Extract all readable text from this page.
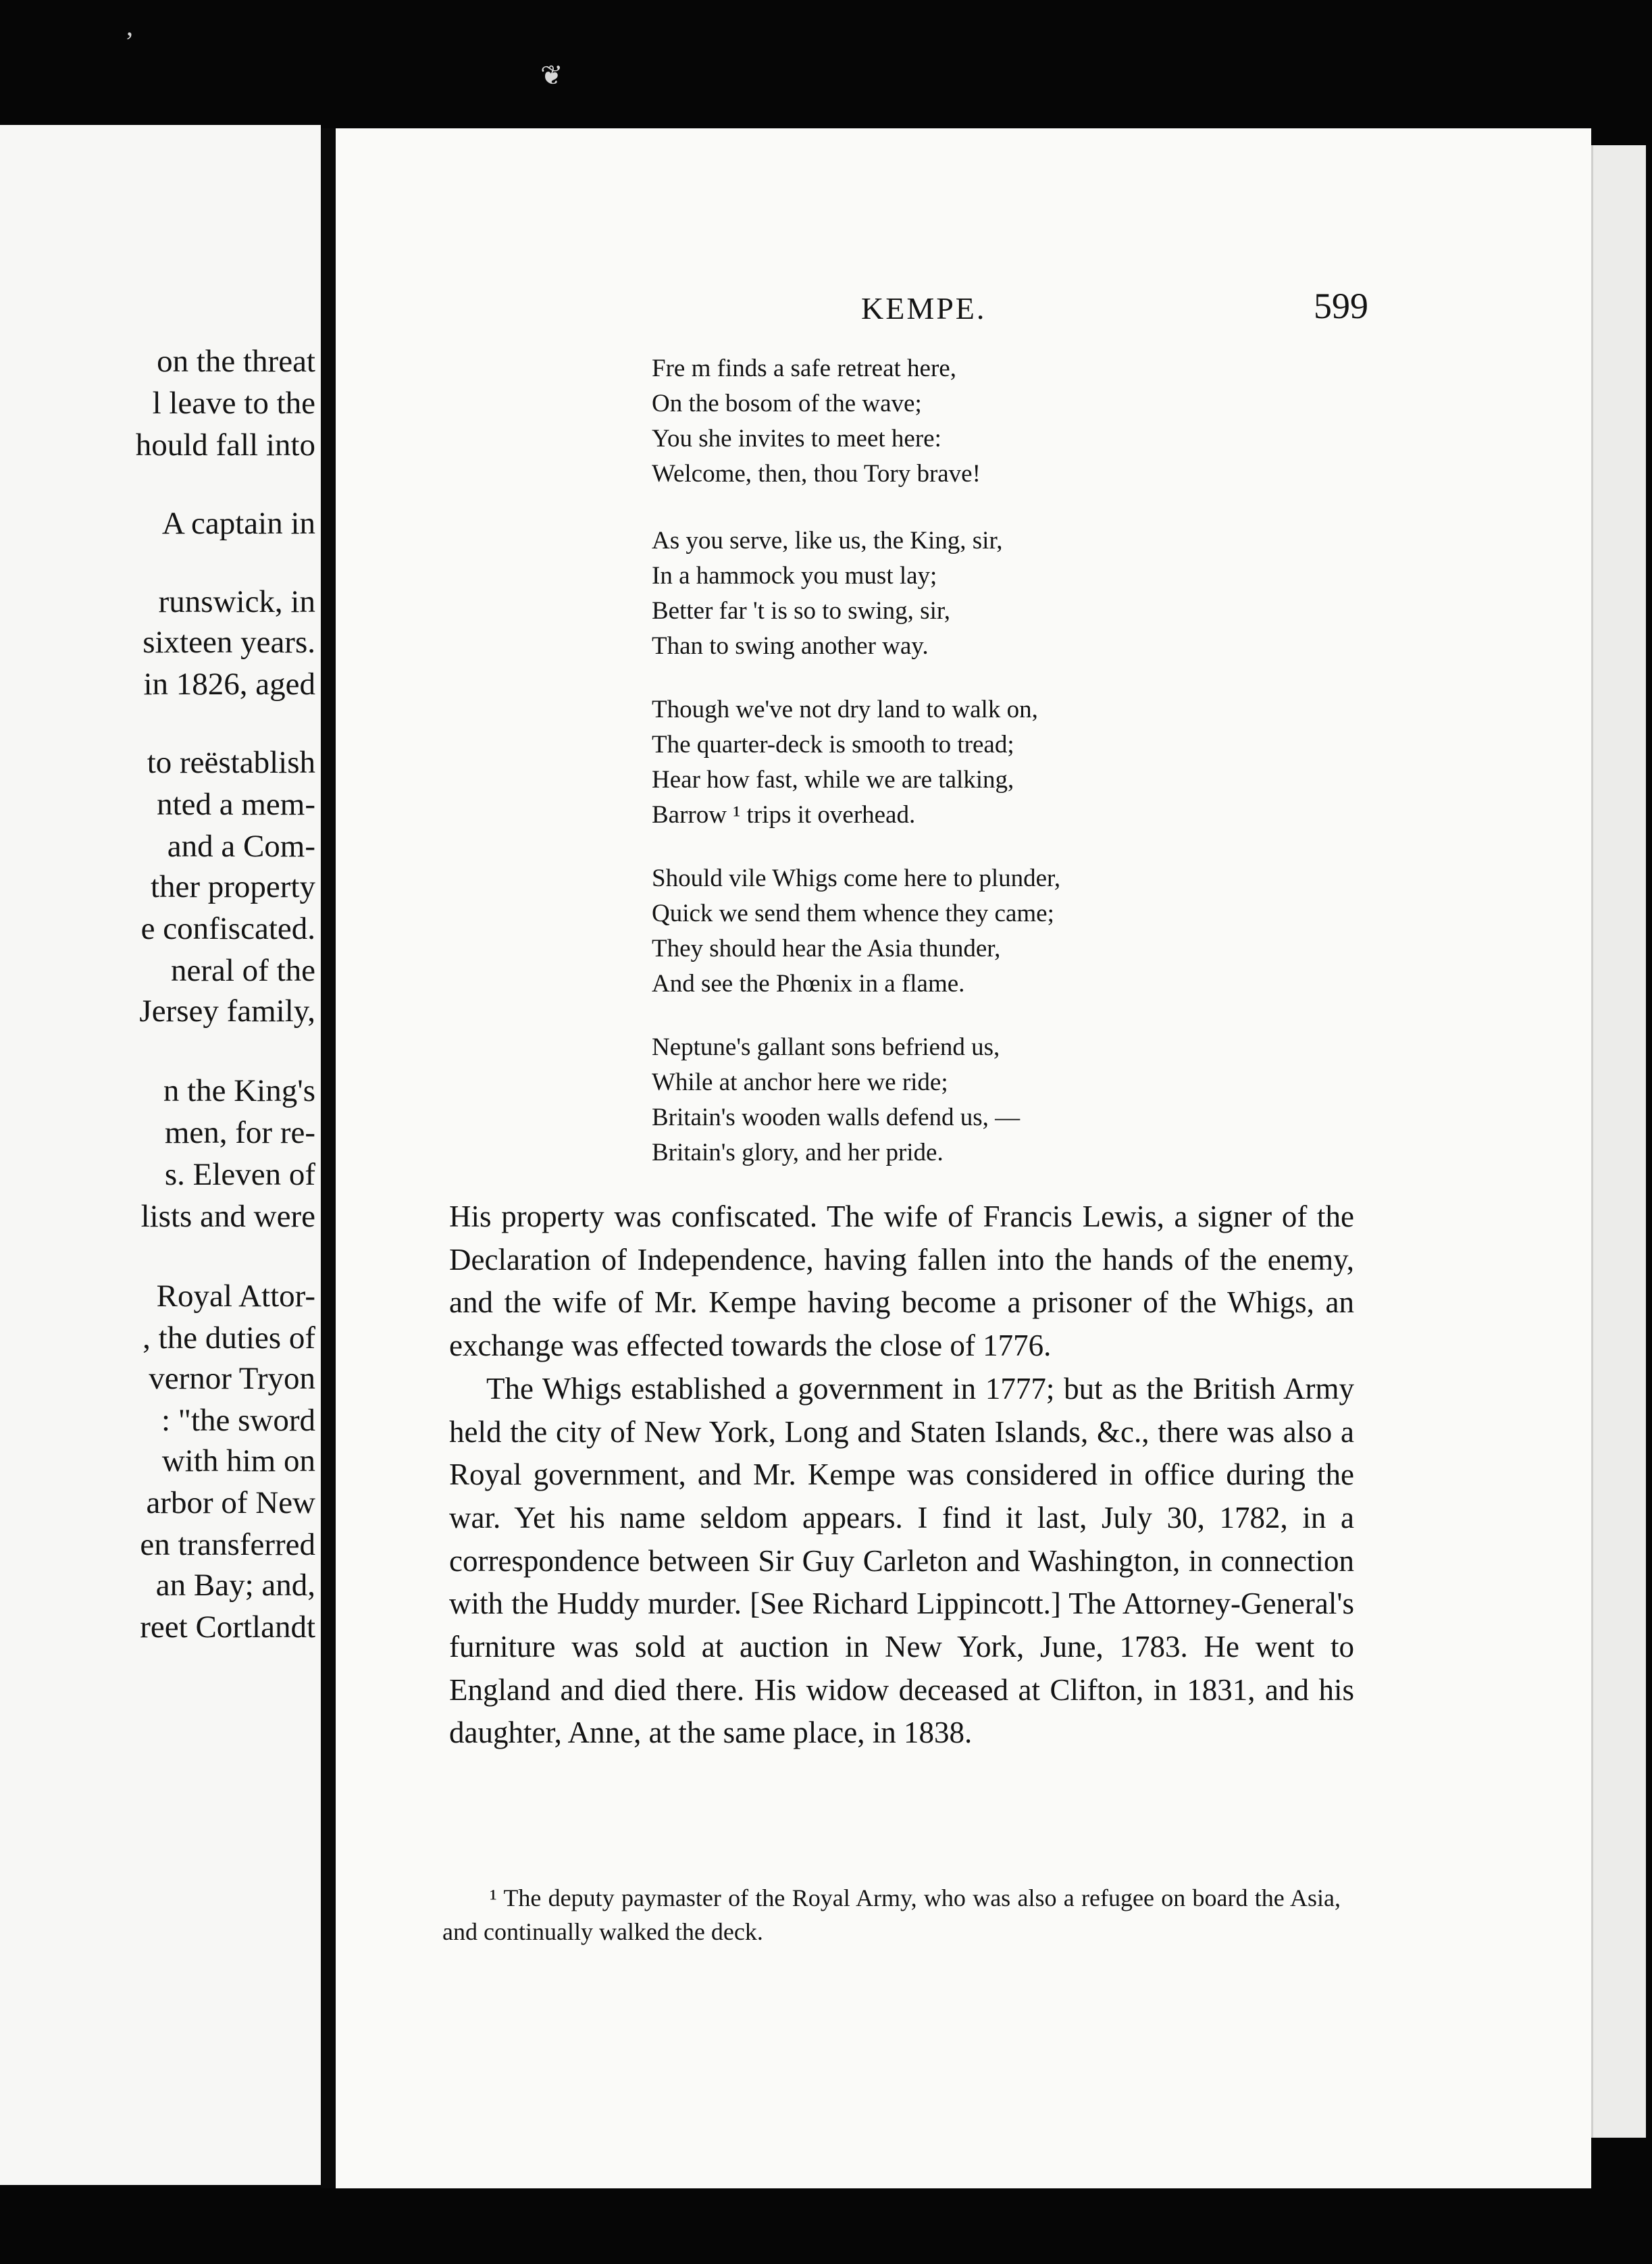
ʼ
❦
on the threat
l leave to the
hould fall into
A captain in
runswick, in
sixteen years.
in 1826, aged
to reëstablish
nted a mem-
and a Com-
ther property
e confiscated.
neral of the
Jersey family,
n the King's
men, for re-
s. Eleven of
lists and were
Royal Attor-
, the duties of
vernor Tryon
: "the sword
with him on
arbor of New
en transferred
an Bay; and,
reet Cortlandt
KEMPE.	599
Fre m finds a safe retreat here,
On the bosom of the wave;
You she invites to meet here:
Welcome, then, thou Tory brave!
As you serve, like us, the King, sir,
In a hammock you must lay;
Better far 't is so to swing, sir,
Than to swing another way.
Though we've not dry land to walk on,
The quarter-deck is smooth to tread;
Hear how fast, while we are talking,
Barrow ¹ trips it overhead.
Should vile Whigs come here to plunder,
Quick we send them whence they came;
They should hear the Asia thunder,
And see the Phœnix in a flame.
Neptune's gallant sons befriend us,
While at anchor here we ride;
Britain's wooden walls defend us, —
Britain's glory, and her pride.

His property was confiscated. The wife of Francis Lewis, a signer of the Declaration of Independence, having fallen into the hands of the enemy, and the wife of Mr. Kempe having become a prisoner of the Whigs, an exchange was effected towards the close of 1776.

The Whigs established a government in 1777; but as the British Army held the city of New York, Long and Staten Islands, &c., there was also a Royal government, and Mr. Kempe was considered in office during the war. Yet his name seldom appears. I find it last, July 30, 1782, in a correspondence between Sir Guy Carleton and Washington, in connection with the Huddy murder. [See Richard Lippincott.] The Attorney-General's furniture was sold at auction in New York, June, 1783. He went to England and died there. His widow deceased at Clifton, in 1831, and his daughter, Anne, at the same place, in 1838.

¹ The deputy paymaster of the Royal Army, who was also a refugee on board the Asia, and continually walked the deck.
